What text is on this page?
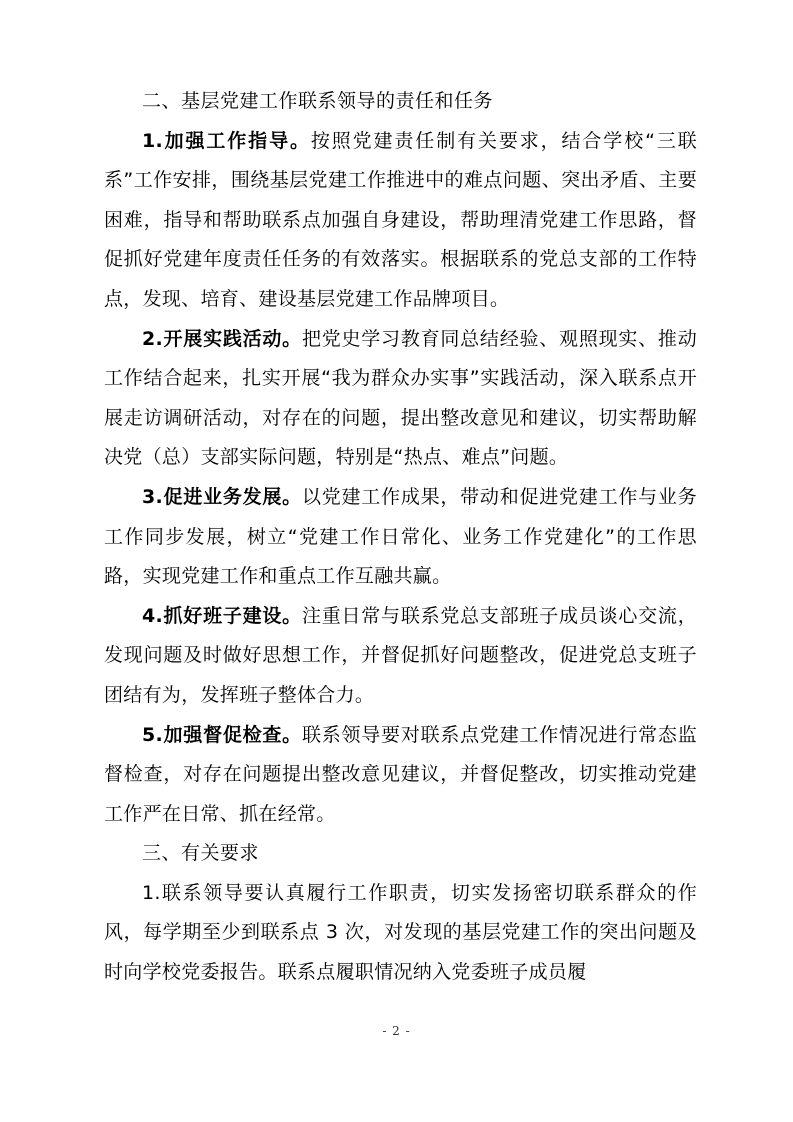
二、基层党建工作联系领导的责任和任务

1.加强工作指导。按照党建责任制有关要求，结合学校“三联系”工作安排，围绕基层党建工作推进中的难点问题、突出矛盾、主要困难，指导和帮助联系点加强自身建设，帮助理清党建工作思路，督促抓好党建年度责任任务的有效落实。根据联系的党总支部的工作特点，发现、培育、建设基层党建工作品牌项目。

2.开展实践活动。把党史学习教育同总结经验、观照现实、推动工作结合起来，扎实开展“我为群众办实事”实践活动，深入联系点开展走访调研活动，对存在的问题，提出整改意见和建议，切实帮助解决党（总）支部实际问题，特别是“热点、难点”问题。

3.促进业务发展。以党建工作成果，带动和促进党建工作与业务工作同步发展，树立“党建工作日常化、业务工作党建化”的工作思路，实现党建工作和重点工作互融共赢。

4.抓好班子建设。注重日常与联系党总支部班子成员谈心交流，发现问题及时做好思想工作，并督促抓好问题整改，促进党总支班子团结有为，发挥班子整体合力。

5.加强督促检查。联系领导要对联系点党建工作情况进行常态监督检查，对存在问题提出整改意见建议，并督促整改，切实推动党建工作严在日常、抓在经常。

三、有关要求

1.联系领导要认真履行工作职责，切实发扬密切联系群众的作风，每学期至少到联系点 3 次，对发现的基层党建工作的突出问题及时向学校党委报告。联系点履职情况纳入党委班子成员履

- 2 -
